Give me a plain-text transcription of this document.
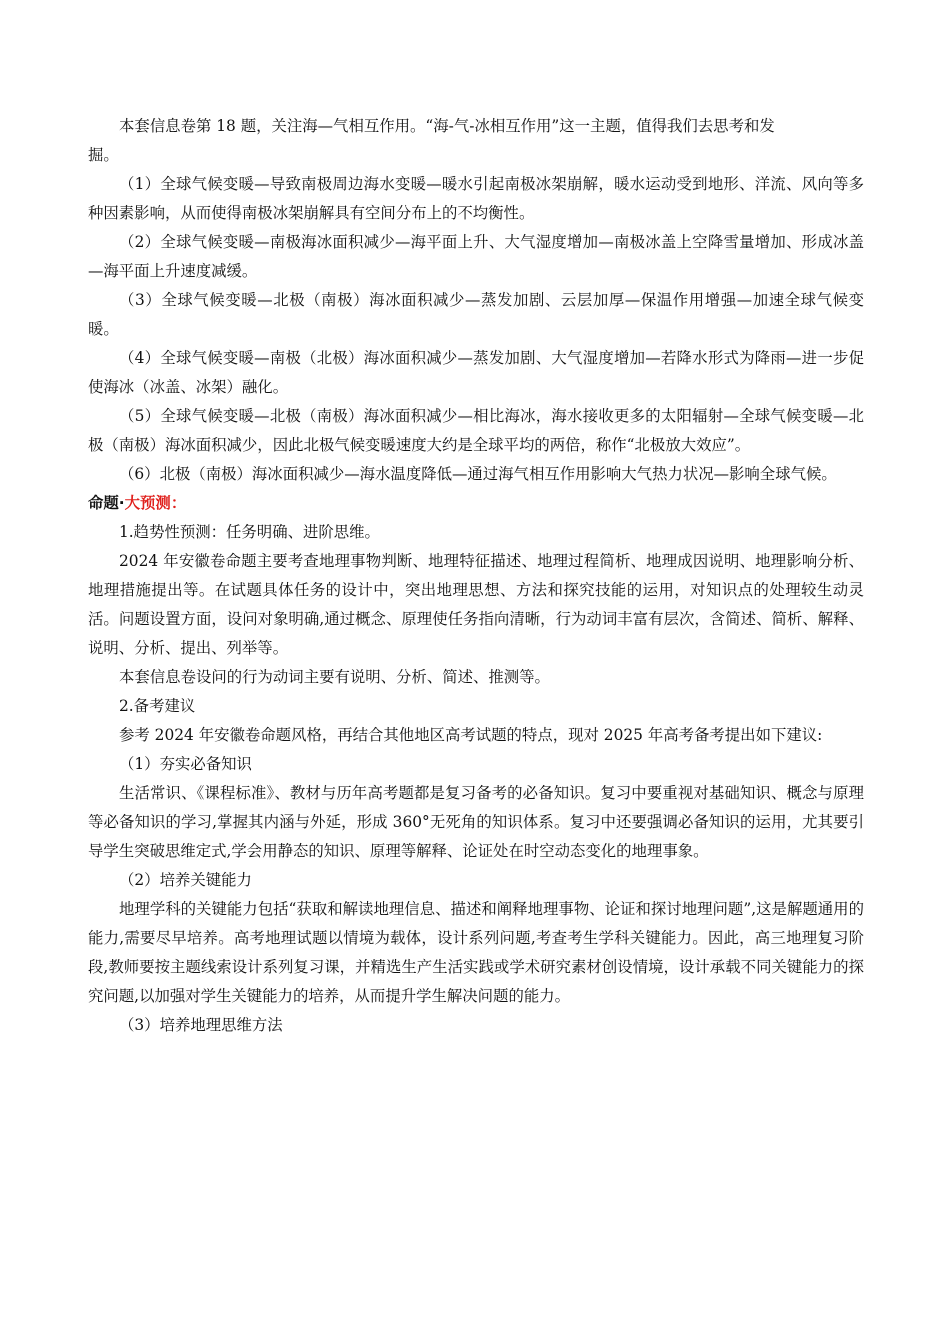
本套信息卷第 18 题，关注海—气相互作用。“海-气-冰相互作用”这一主题，值得我们去思考和发
掘。

（1）全球气候变暖—导致南极周边海水变暖—暖水引起南极冰架崩解，暖水运动受到地形、洋流、风向等多种因素影响，从而使得南极冰架崩解具有空间分布上的不均衡性。

（2）全球气候变暖—南极海冰面积减少—海平面上升、大气湿度增加—南极冰盖上空降雪量增加、形成冰盖—海平面上升速度减缓。

（3）全球气候变暖—北极（南极）海冰面积减少—蒸发加剧、云层加厚—保温作用增强—加速全球气候变暖。

（4）全球气候变暖—南极（北极）海冰面积减少—蒸发加剧、大气湿度增加—若降水形式为降雨—进一步促使海冰（冰盖、冰架）融化。

（5）全球气候变暖—北极（南极）海冰面积减少—相比海冰，海水接收更多的太阳辐射—全球气候变暖—北极（南极）海冰面积减少，因此北极气候变暖速度大约是全球平均的两倍，称作“北极放大效应”。

（6）北极（南极）海冰面积减少—海水温度降低—通过海气相互作用影响大气热力状况—影响全球气候。

命题·大预测：

1.趋势性预测：任务明确、进阶思维。

2024 年安徽卷命题主要考查地理事物判断、地理特征描述、地理过程简析、地理成因说明、地理影响分析、地理措施提出等。在试题具体任务的设计中，突出地理思想、方法和探究技能的运用，对知识点的处理较生动灵活。问题设置方面，设问对象明确,通过概念、原理使任务指向清晰，行为动词丰富有层次，含简述、简析、解释、说明、分析、提出、列举等。

本套信息卷设问的行为动词主要有说明、分析、简述、推测等。

2.备考建议

参考 2024 年安徽卷命题风格，再结合其他地区高考试题的特点，现对 2025 年高考备考提出如下建议:

（1）夯实必备知识

生活常识、《课程标准》、教材与历年高考题都是复习备考的必备知识。复习中要重视对基础知识、概念与原理等必备知识的学习,掌握其内涵与外延，形成 360°无死角的知识体系。复习中还要强调必备知识的运用，尤其要引导学生突破思维定式,学会用静态的知识、原理等解释、论证处在时空动态变化的地理事象。

（2）培养关键能力

地理学科的关键能力包括“获取和解读地理信息、描述和阐释地理事物、论证和探讨地理问题”,这是解题通用的能力,需要尽早培养。高考地理试题以情境为载体，设计系列问题,考查考生学科关键能力。因此，高三地理复习阶段,教师要按主题线索设计系列复习课，并精选生产生活实践或学术研究素材创设情境，设计承载不同关键能力的探究问题,以加强对学生关键能力的培养，从而提升学生解决问题的能力。

（3）培养地理思维方法
